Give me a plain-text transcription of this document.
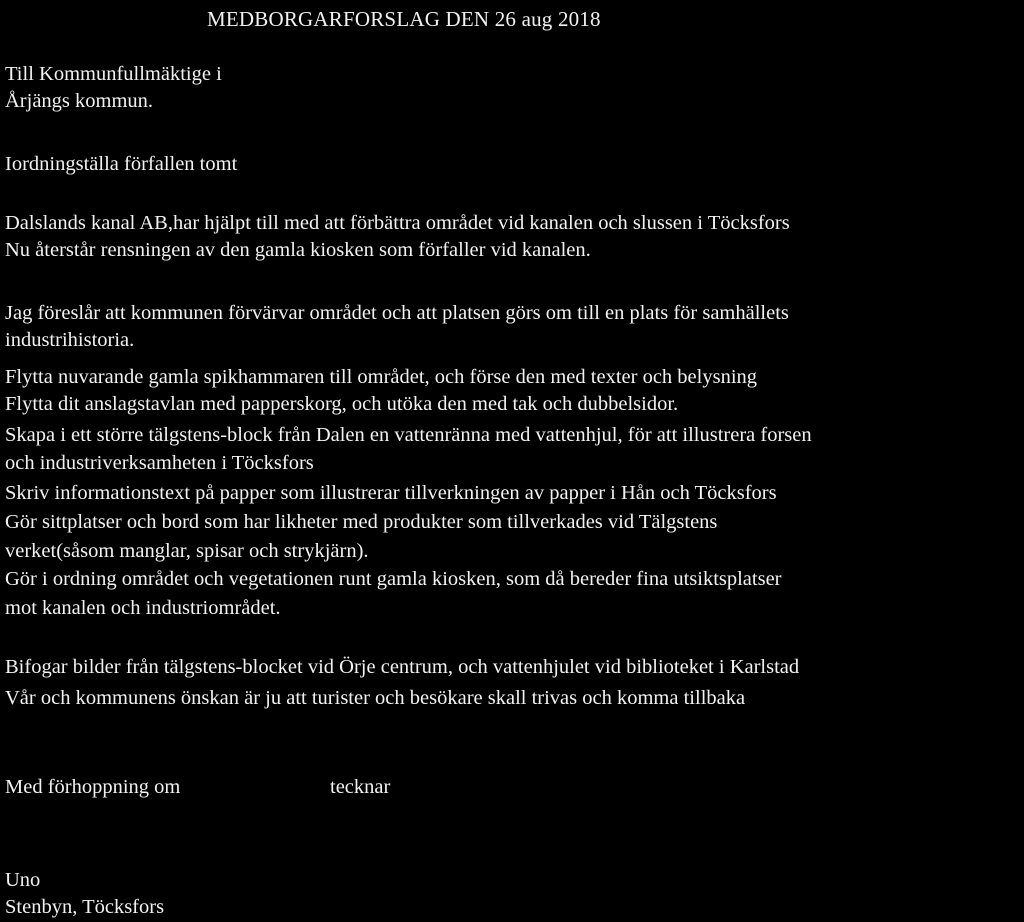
MEDBORGARFORSLAG DEN 26 aug 2018
Till Kommunfullmäktige i
Årjängs kommun.
Iordningställa förfallen tomt
Dalslands kanal AB,har hjälpt till med att förbättra området vid kanalen och slussen i Töcksfors
Nu återstår rensningen av den gamla kiosken som förfaller vid kanalen.
Jag föreslår att kommunen förvärvar området och att platsen görs om till en plats för samhällets
industrihistoria.
Flytta nuvarande gamla spikhammaren till området, och förse den med texter och belysning
Flytta dit anslagstavlan med papperskorg, och utöka den med tak och dubbelsidor.
Skapa i ett större tälgstens-block från Dalen en vattenränna med vattenhjul, för att illustrera forsen
och industriverksamheten i Töcksfors
Skriv informationstext på papper som illustrerar tillverkningen av papper i Hån och Töcksfors
Gör sittplatser och bord som har likheter med produkter som tillverkades vid Tälgstens
verket(såsom manglar, spisar och strykjärn).
Gör i ordning området och vegetationen runt gamla kiosken, som då bereder fina utsiktsplatser
mot kanalen och industriområdet.
Bifogar bilder från tälgstens-blocket vid Örje centrum, och vattenhjulet vid biblioteket i Karlstad
Vår och kommunens önskan är ju att turister och besökare skall trivas och komma tillbaka
Med förhoppning om	tecknar
Uno
Stenbyn, Töcksfors
